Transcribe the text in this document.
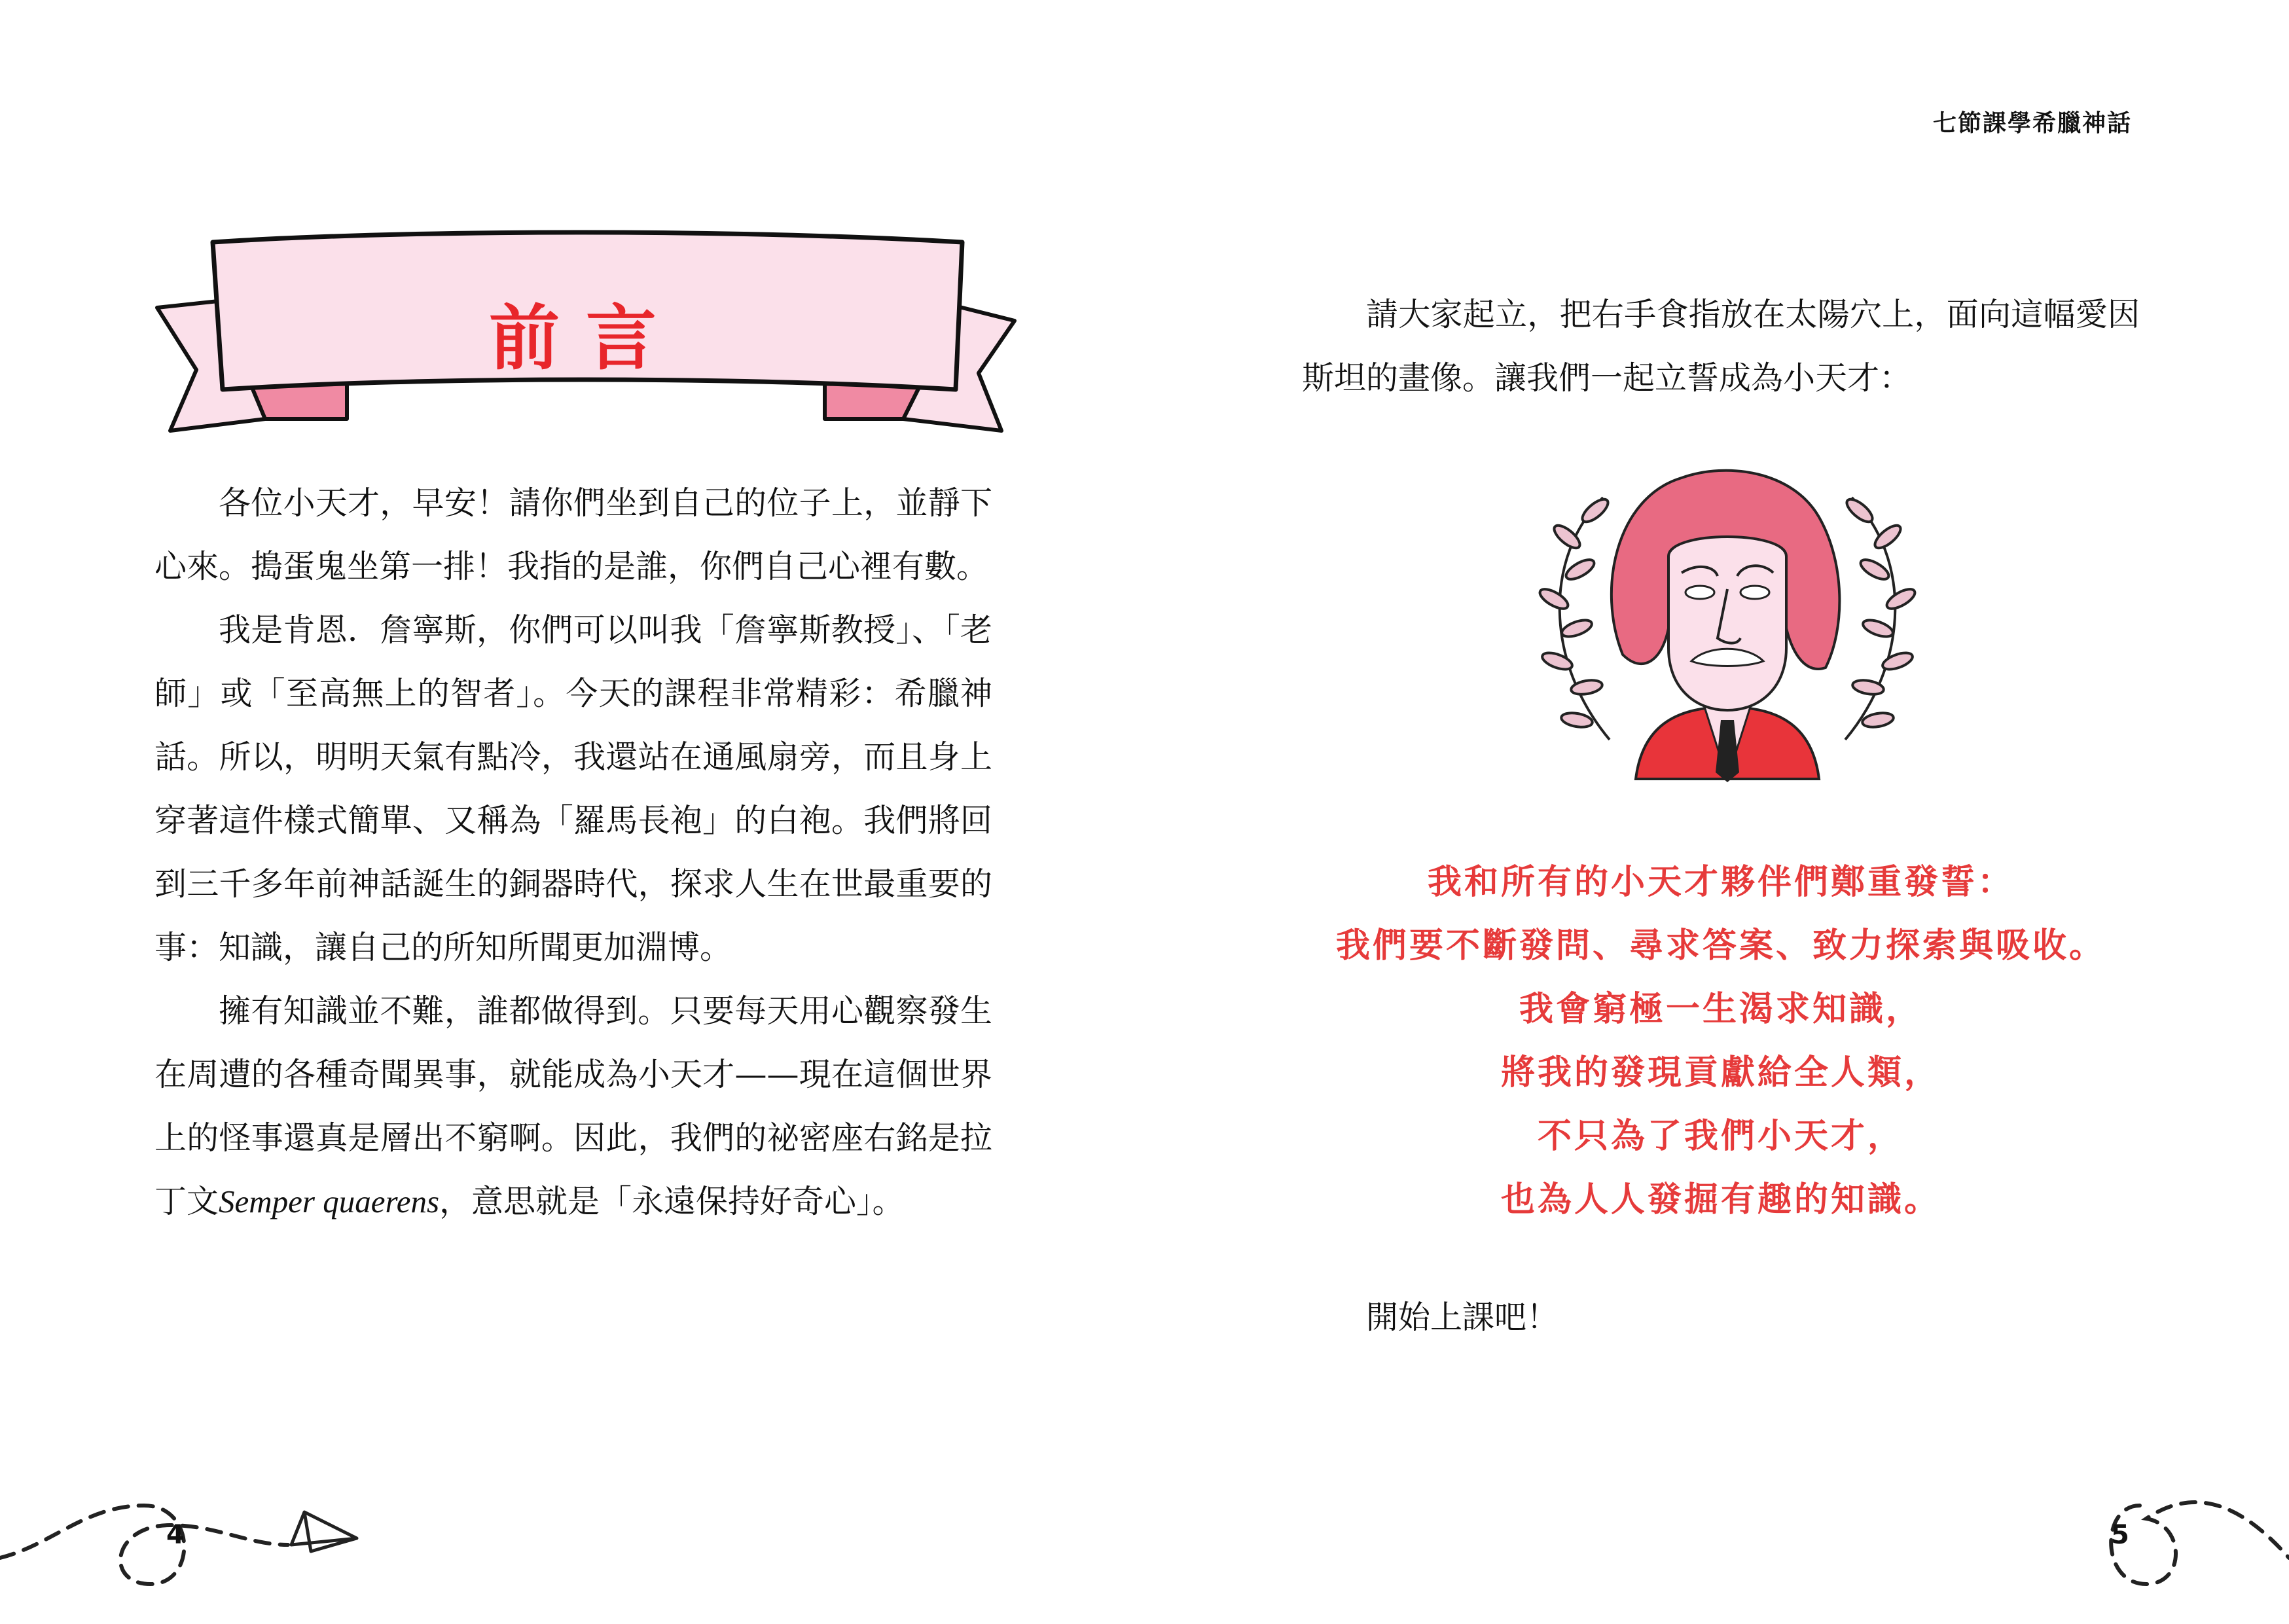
前言

各位小天才，早安！請你們坐到自己的位子上，並靜下心來。搗蛋鬼坐第一排！我指的是誰，你們自己心裡有數。

我是肯恩．詹寧斯，你們可以叫我「詹寧斯教授」、「老師」或「至高無上的智者」。今天的課程非常精彩：希臘神話。所以，明明天氣有點冷，我還站在通風扇旁，而且身上穿著這件樣式簡單、又稱為「羅馬長袍」的白袍。我們將回到三千多年前神話誕生的銅器時代，探求人生在世最重要的事：知識，讓自己的所知所聞更加淵博。

擁有知識並不難，誰都做得到。只要每天用心觀察發生在周遭的各種奇聞異事，就能成為小天才——現在這個世界上的怪事還真是層出不窮啊。因此，我們的祕密座右銘是拉丁文Semper quaerens，意思就是「永遠保持好奇心」。

4
七節課學希臘神話

請大家起立，把右手食指放在太陽穴上，面向這幅愛因斯坦的畫像。讓我們一起立誓成為小天才：

我和所有的小天才夥伴們鄭重發誓：
我們要不斷發問、尋求答案、致力探索與吸收。
我會窮極一生渴求知識，
將我的發現貢獻給全人類，
不只為了我們小天才，
也為人人發掘有趣的知識。

開始上課吧！

5
